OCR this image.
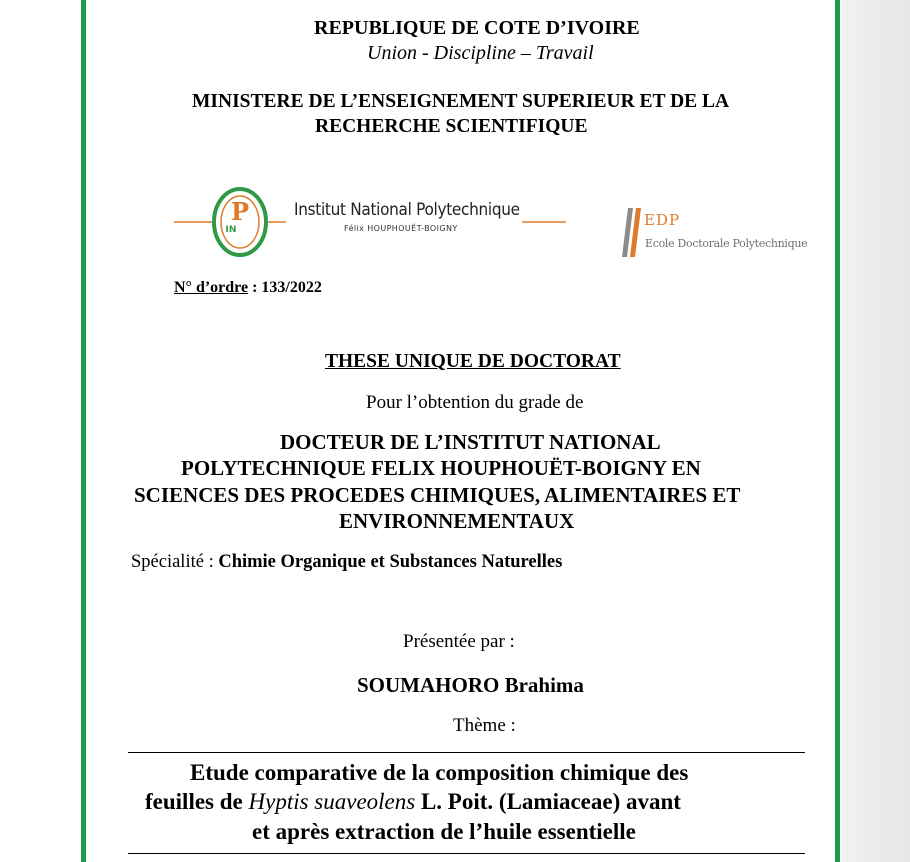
REPUBLIQUE DE COTE D’IVOIRE
Union - Discipline – Travail
MINISTERE DE L’ENSEIGNEMENT SUPERIEUR ET DE LA
RECHERCHE SCIENTIFIQUE
P
IN
Institut National Polytechnique
Félix HOUPHOUËT-BOIGNY	EDP
Ecole Doctorale Polytechnique
N° d’ordre : 133/2022
THESE UNIQUE DE DOCTORAT
Pour l’obtention du grade de
DOCTEUR DE L’INSTITUT NATIONAL
POLYTECHNIQUE FELIX HOUPHOUËT-BOIGNY EN
SCIENCES DES PROCEDES CHIMIQUES, ALIMENTAIRES ET
ENVIRONNEMENTAUX
Spécialité : Chimie Organique et Substances Naturelles
Présentée par :
SOUMAHORO Brahima
Thème :
Etude comparative de la composition chimique des
feuilles de Hyptis suaveolens L. Poit. (Lamiaceae) avant
et après extraction de l’huile essentielle
